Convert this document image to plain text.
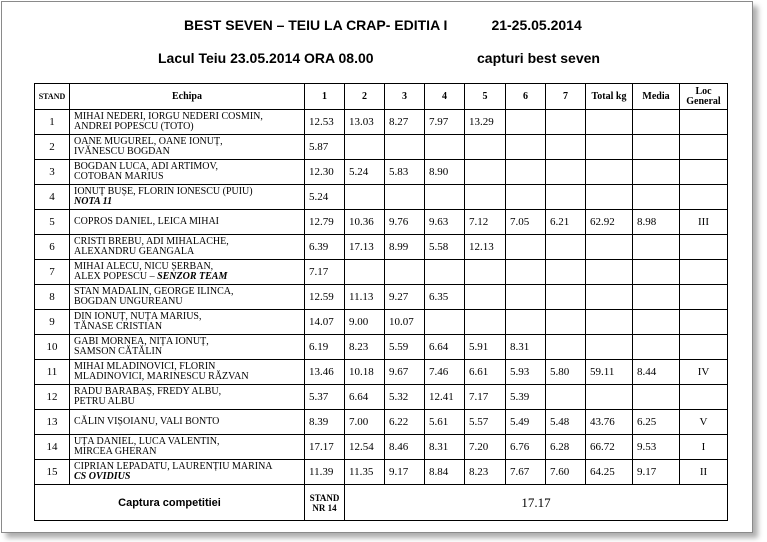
BEST SEVEN – TEIU LA CRAP- EDITIA I	21-25.05.2014
Lacul Teiu 23.05.2014 ORA 08.00	capturi best seven
STAND	Echipa	1	2	3	4	5	6	7	Total kg	Media	Loc
General
1	MIHAI NEDERI, IORGU NEDERI COSMIN,
ANDREI POPESCU (TOTO)	12.53	13.03	8.27	7.97	13.29					
2	OANE MUGUREL, OANE IONUȚ,
IVĂNESCU BOGDAN	5.87									
3	BOGDAN LUCA, ADI ARTIMOV,
COTOBAN MARIUS	12.30	5.24	5.83	8.90						
4	IONUȚ BUȘE, FLORIN IONESCU (PUIU)
NOTA 11	5.24									
5	COPROS DANIEL, LEICA MIHAI	12.79	10.36	9.76	9.63	7.12	7.05	6.21	62.92	8.98	III
6	CRISTI BREBU, ADI MIHALACHE,
ALEXANDRU GEANGALA	6.39	17.13	8.99	5.58	12.13					
7	MIHAI ALECU, NICU ȘERBAN,
ALEX POPESCU – SENZOR TEAM	7.17									
8	STAN MADALIN, GEORGE ILINCA,
BOGDAN UNGUREANU	12.59	11.13	9.27	6.35						
9	DIN IONUȚ, NUȚA MARIUS,
TĂNASE CRISTIAN	14.07	9.00	10.07							
10	GABI MORNEA, NIȚA IONUȚ,
SAMSON CĂTĂLIN	6.19	8.23	5.59	6.64	5.91	8.31				
11	MIHAI MLADINOVICI, FLORIN
MLADINOVICI, MARINESCU RĂZVAN	13.46	10.18	9.67	7.46	6.61	5.93	5.80	59.11	8.44	IV
12	RADU BARABAȘ, FREDY ALBU,
PETRU ALBU	5.37	6.64	5.32	12.41	7.17	5.39				
13	CĂLIN VIȘOIANU, VALI BONTO	8.39	7.00	6.22	5.61	5.57	5.49	5.48	43.76	6.25	V
14	UȚA DANIEL, LUCA VALENTIN,
MIRCEA GHERAN	17.17	12.54	8.46	8.31	7.20	6.76	6.28	66.72	9.53	I
15	CIPRIAN LEPADATU, LAURENȚIU MARINA
CS OVIDIUS	11.39	11.35	9.17	8.84	8.23	7.67	7.60	64.25	9.17	II
Captura competitiei		STAND
NR 14	17.17								
